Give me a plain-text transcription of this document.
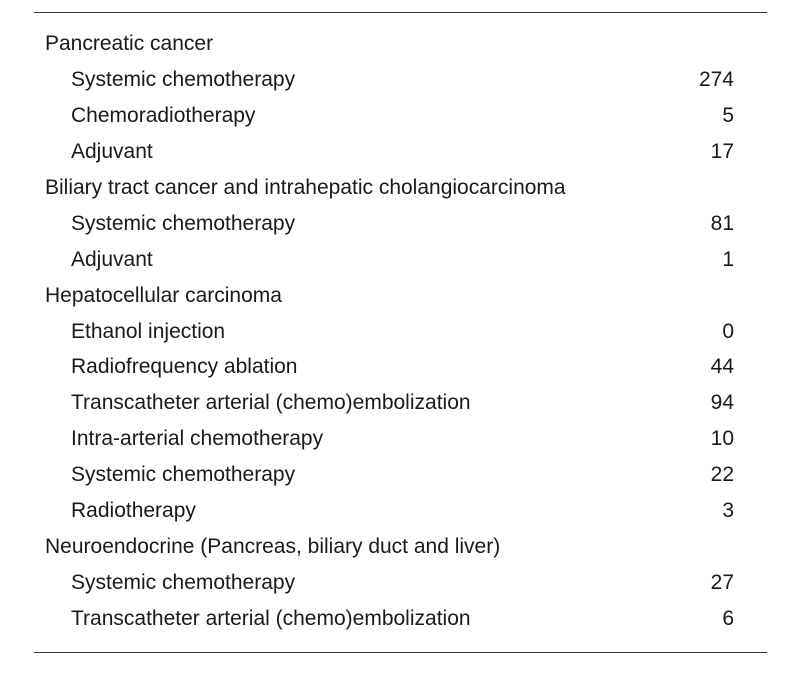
Pancreatic cancer
Systemic chemotherapy	274
Chemoradiotherapy	5
Adjuvant	17
Biliary tract cancer and intrahepatic cholangiocarcinoma
Systemic chemotherapy	81
Adjuvant	1
Hepatocellular carcinoma
Ethanol injection	0
Radiofrequency ablation	44
Transcatheter arterial (chemo)embolization	94
Intra-arterial chemotherapy	10
Systemic chemotherapy	22
Radiotherapy	3
Neuroendocrine (Pancreas, biliary duct and liver)
Systemic chemotherapy	27
Transcatheter arterial (chemo)embolization	6
